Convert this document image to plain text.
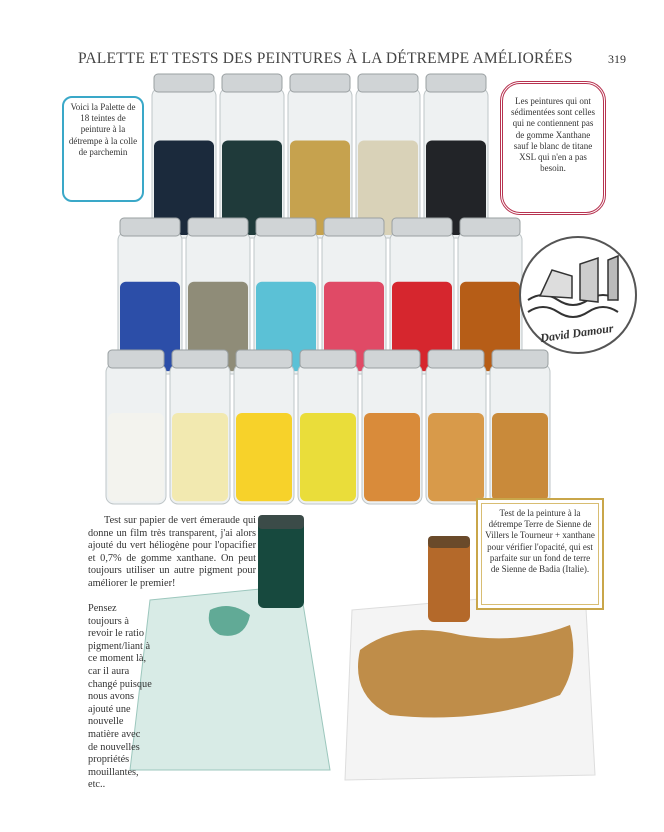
PALETTE ET TESTS DES PEINTURES À LA DÉTREMPE AMÉLIORÉES	319
Voici la Palette de 18 teintes de peinture à la détrempe à la colle de parchemin
Les peintures qui ont sédimentées sont celles qui ne contiennent pas de gomme Xanthane sauf le blanc de titane XSL qui n'en a pas besoin.
Test de la peinture à la détrempe Terre de Sienne de Villers le Tourneur + xanthane pour vérifier l'opacité, qui est parfaite sur un fond de terre de Sienne de Badia (Italie).
Test sur papier de vert émeraude qui donne un film très transparent, j'ai alors ajouté du vert héliogène pour l'opacifier et 0,7% de gomme xanthane. On peut toujours utiliser un autre pigment pour améliorer le premier!
Pensez toujours à revoir le ratio pigment/liant à ce moment là, car il aura changé puisque nous avons ajouté une nouvelle matière avec de nouvelles propriétés mouillantes, etc..
David Damour
